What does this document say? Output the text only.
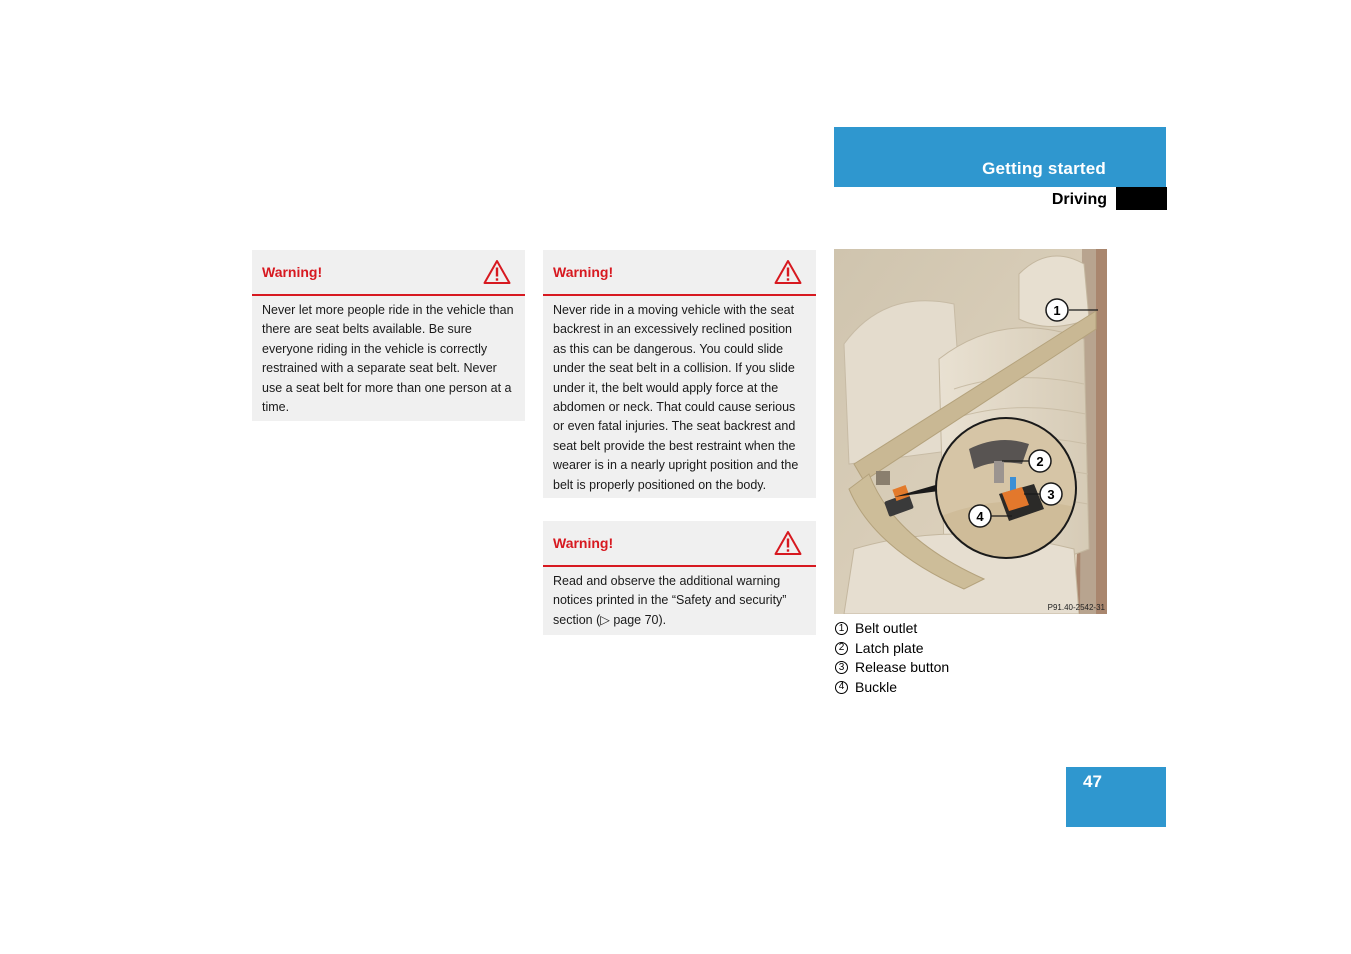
Getting started
Driving
Warning!
Never let more people ride in the vehicle than there are seat belts available. Be sure everyone riding in the vehicle is correctly restrained with a separate seat belt. Never use a seat belt for more than one person at a time.
Warning!
Never ride in a moving vehicle with the seat backrest in an excessively reclined position as this can be dangerous. You could slide under the seat belt in a collision. If you slide under it, the belt would apply force at the abdomen or neck. That could cause serious or even fatal injuries. The seat backrest and seat belt provide the best restraint when the wearer is in a nearly upright position and the belt is properly positioned on the body.
Warning!
Read and observe the additional warning notices printed in the “Safety and security” section (▷ page 70).
1
2
3
4
P91.40-2542-31
1 Belt outlet
2 Latch plate
3 Release button
4 Buckle
47
